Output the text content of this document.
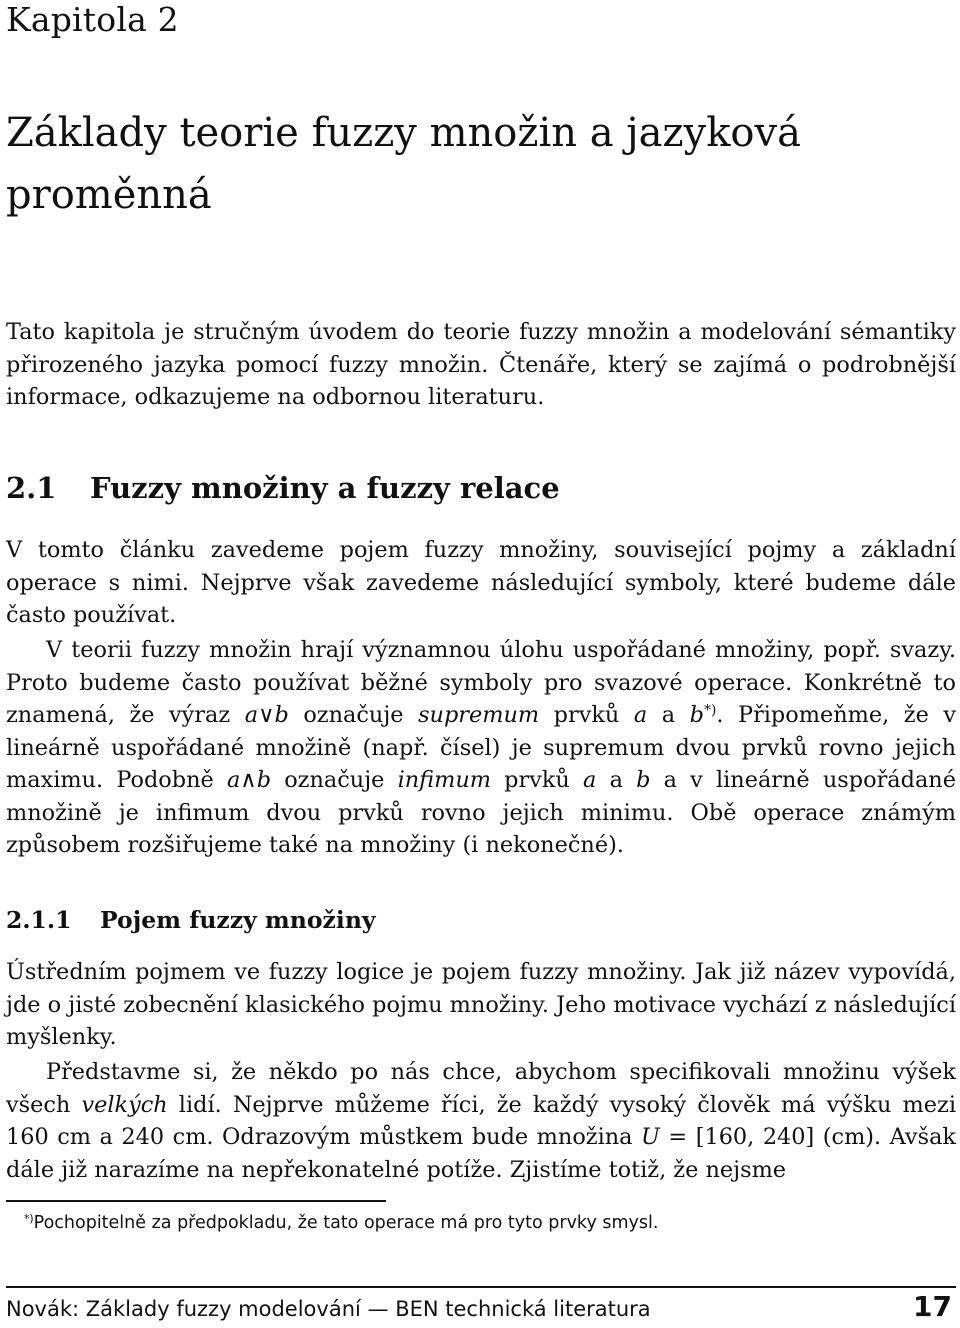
Kapitola 2
Základy teorie fuzzy množin a jazyková proměnná

Tato kapitola je stručným úvodem do teorie fuzzy množin a modelování sémantiky přirozeného jazyka pomocí fuzzy množin. Čtenáře, který se zajímá o podrobnější informace, odkazujeme na odbornou literaturu.

2.1 Fuzzy množiny a fuzzy relace

V tomto článku zavedeme pojem fuzzy množiny, související pojmy a základní operace s nimi. Nejprve však zavedeme následující symboly, které budeme dále často používat.

V teorii fuzzy množin hrají významnou úlohu uspořádané množiny, popř. svazy. Proto budeme často používat běžné symboly pro svazové operace. Konkrétně to znamená, že výraz a∨b označuje supremum prvků a a b*). Připomeňme, že v lineárně uspořádané množině (např. čísel) je supremum dvou prvků rovno jejich maximu. Podobně a∧b označuje infimum prvků a a b a v lineárně uspořádané množině je infimum dvou prvků rovno jejich minimu. Obě operace známým způsobem rozšiřujeme také na množiny (i nekonečné).

2.1.1 Pojem fuzzy množiny

Ústředním pojmem ve fuzzy logice je pojem fuzzy množiny. Jak již název vypovídá, jde o jisté zobecnění klasického pojmu množiny. Jeho motivace vychází z následující myšlenky.

Představme si, že někdo po nás chce, abychom specifikovali množinu výšek všech velkých lidí. Nejprve můžeme říci, že každý vysoký člověk má výšku mezi 160 cm a 240 cm. Odrazovým můstkem bude množina U = [160, 240] (cm). Avšak dále již narazíme na nepřekonatelné potíže. Zjistíme totiž, že nejsme

*)Pochopitelně za předpokladu, že tato operace má pro tyto prvky smysl.
Novák: Základy fuzzy modelování — BEN technická literatura	17
